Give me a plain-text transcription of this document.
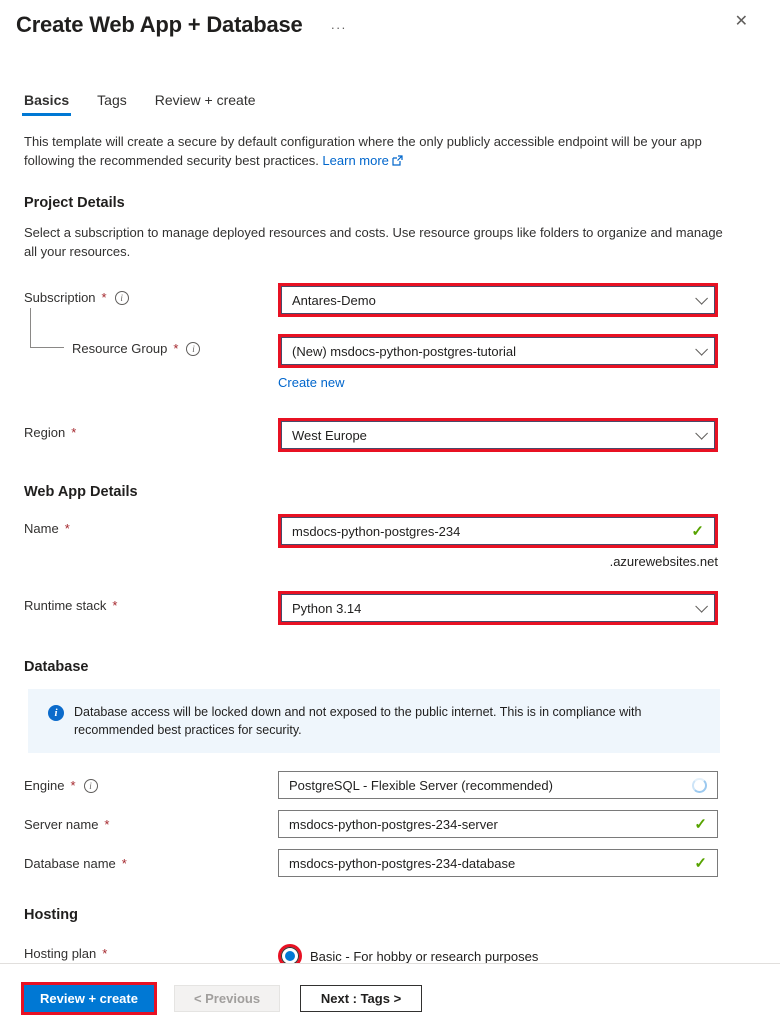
Create Web App + Database ···	✕
Basics Tags Review + create
This template will create a secure by default configuration where the only publicly accessible endpoint will be your app following the recommended security best practices. Learn more
Project Details
Select a subscription to manage deployed resources and costs. Use resource groups like folders to organize and manage all your resources.
Subscription *	i	Antares-Demo
Resource Group *	i	(New) msdocs-python-postgres-tutorial
Create new
Region *	West Europe
Web App Details
Name *	msdocs-python-postgres-234	✓
.azurewebsites.net
Runtime stack *	Python 3.14
Database
i	Database access will be locked down and not exposed to the public internet. This is in compliance with recommended best practices for security.
Engine *	i	PostgreSQL - Flexible Server (recommended)
Server name *	msdocs-python-postgres-234-server	✓
Database name *	msdocs-python-postgres-234-database	✓
Hosting
Hosting plan *	Basic - For hobby or research purposes
Review + create	< Previous	Next : Tags >
